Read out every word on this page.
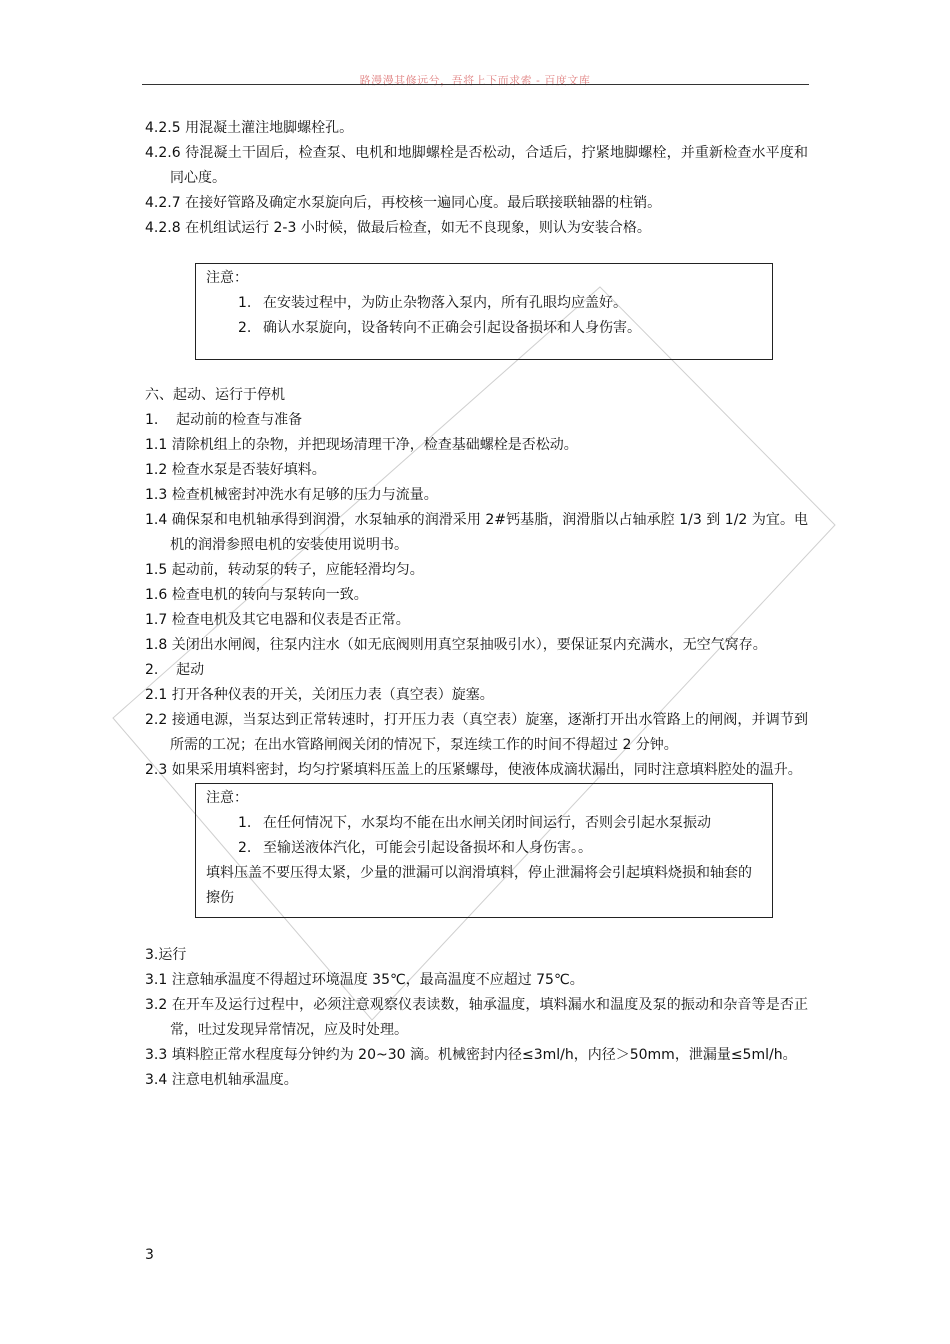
路漫漫其修远兮，吾将上下而求索 - 百度文库

4.2.5 用混凝土灌注地脚螺栓孔。

4.2.6 待混凝土干固后，检查泵、电机和地脚螺栓是否松动，合适后，拧紧地脚螺栓，并重新检查水平度和同心度。

4.2.7 在接好管路及确定水泵旋向后，再校核一遍同心度。最后联接联轴器的柱销。

4.2.8 在机组试运行 2-3 小时候，做最后检查，如无不良现象，则认为安装合格。

注意：
1. 在安装过程中，为防止杂物落入泵内，所有孔眼均应盖好。
2. 确认水泵旋向，设备转向不正确会引起设备损坏和人身伤害。

六、起动、运行于停机

1.    起动前的检查与准备

1.1 清除机组上的杂物，并把现场清理干净，检查基础螺栓是否松动。

1.2 检查水泵是否装好填料。

1.3 检查机械密封冲洗水有足够的压力与流量。

1.4 确保泵和电机轴承得到润滑，水泵轴承的润滑采用 2#钙基脂，润滑脂以占轴承腔 1/3 到 1/2 为宜。电机的润滑参照电机的安装使用说明书。

1.5 起动前，转动泵的转子，应能轻滑均匀。

1.6 检查电机的转向与泵转向一致。

1.7 检查电机及其它电器和仪表是否正常。

1.8 关闭出水闸阀，往泵内注水（如无底阀则用真空泵抽吸引水），要保证泵内充满水，无空气窝存。

2.    起动

2.1 打开各种仪表的开关，关闭压力表（真空表）旋塞。

2.2 接通电源，当泵达到正常转速时，打开压力表（真空表）旋塞，逐渐打开出水管路上的闸阀，并调节到所需的工况；在出水管路闸阀关闭的情况下，泵连续工作的时间不得超过 2 分钟。

2.3 如果采用填料密封，均匀拧紧填料压盖上的压紧螺母，使液体成滴状漏出，同时注意填料腔处的温升。

注意：
1. 在任何情况下，水泵均不能在出水闸关闭时间运行，否则会引起水泵振动
2. 至输送液体汽化，可能会引起设备损坏和人身伤害。。
填料压盖不要压得太紧，少量的泄漏可以润滑填料，停止泄漏将会引起填料烧损和轴套的擦伤

3.运行

3.1 注意轴承温度不得超过环境温度 35℃，最高温度不应超过 75℃。

3.2 在开车及运行过程中，必须注意观察仪表读数，轴承温度，填料漏水和温度及泵的振动和杂音等是否正常，吐过发现异常情况，应及时处理。

3.3 填料腔正常水程度每分钟约为 20~30 滴。机械密封内径≤3ml/h，内径＞50mm，泄漏量≤5ml/h。

3.4 注意电机轴承温度。

3
